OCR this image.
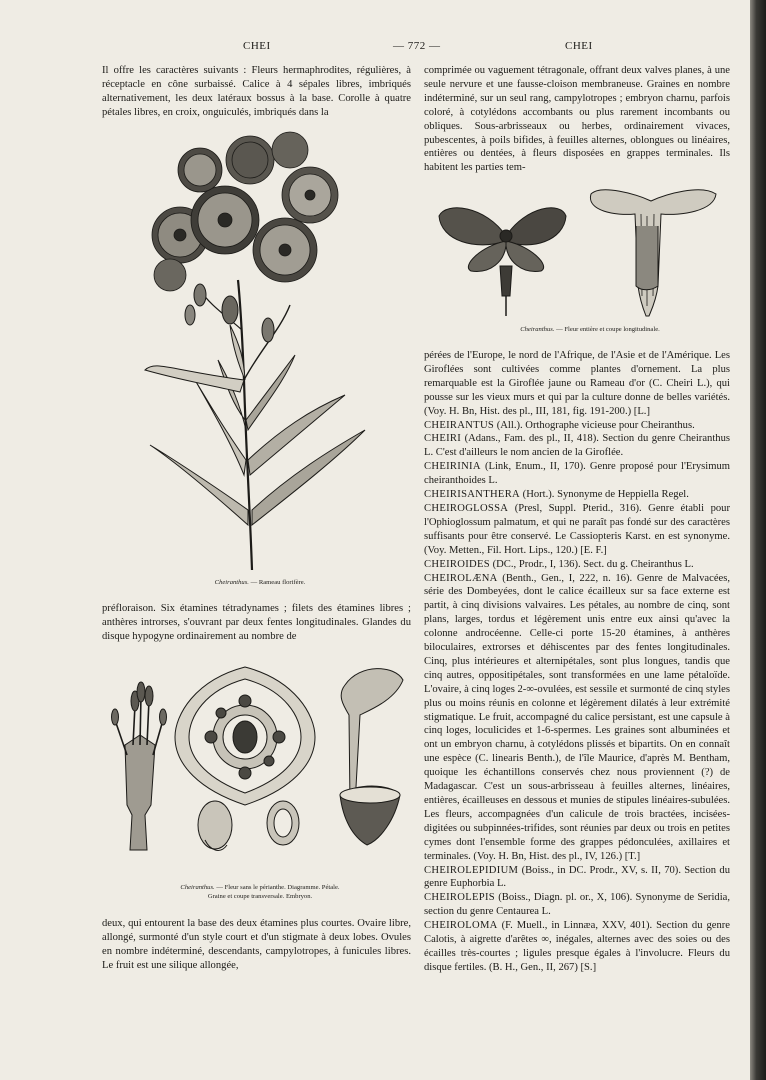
CHEI	— 772 —	CHEI

Il offre les caractères suivants : Fleurs hermaphrodites, régulières, à réceptacle en cône surbaissé. Calice à 4 sépales libres, imbriqués alternativement, les deux latéraux bossus à la base. Corolle à quatre pétales libres, en croix, onguiculés, imbriqués dans la

Cheiranthus. — Rameau florifère.

préfloraison. Six étamines tétradynames ; filets des étamines libres ; anthères introrses, s'ouvrant par deux fentes longitudinales. Glandes du disque hypogyne ordinairement au nombre de

Cheiranthus. — Fleur sans le périanthe. Diagramme. Pétale.
Graine et coupe transversale. Embryon.

deux, qui entourent la base des deux étamines plus courtes. Ovaire libre, allongé, surmonté d'un style court et d'un stigmate à deux lobes. Ovules en nombre indéterminé, descendants, campylotropes, à funicules libres. Le fruit est une silique allongée,

comprimée ou vaguement tétragonale, offrant deux valves planes, à une seule nervure et une fausse-cloison membraneuse. Graines en nombre indéterminé, sur un seul rang, campylotropes ; embryon charnu, parfois coloré, à cotylédons accombants ou plus rarement incombants ou obliques. Sous-arbrisseaux ou herbes, ordinairement vivaces, pubescentes, à poils bifides, à feuilles alternes, oblongues ou linéaires, entières ou dentées, à fleurs disposées en grappes terminales. Ils habitent les parties tem-

Cheiranthus. — Fleur entière et coupe longitudinale.

pérées de l'Europe, le nord de l'Afrique, de l'Asie et de l'Amérique. Les Giroflées sont cultivées comme plantes d'ornement. La plus remarquable est la Giroflée jaune ou Rameau d'or (C. Cheiri L.), qui pousse sur les vieux murs et qui par la culture donne de belles variétés. (Voy. H. Bn, Hist. des pl., III, 181, fig. 191-200.) [L.]

CHEIRANTUS (All.). Orthographe vicieuse pour Cheiranthus.

CHEIRI (Adans., Fam. des pl., II, 418). Section du genre Cheiranthus L. C'est d'ailleurs le nom ancien de la Giroflée.

CHEIRINIA (Link, Enum., II, 170). Genre proposé pour l'Erysimum cheiranthoides L.

CHEIRISANTHERA (Hort.). Synonyme de Heppiella Regel.

CHEIROGLOSSA (Presl, Suppl. Pterid., 316). Genre établi pour l'Ophioglossum palmatum, et qui ne paraît pas fondé sur des caractères suffisants pour être conservé. Le Cassiopteris Karst. en est synonyme. (Voy. Metten., Fil. Hort. Lips., 120.) [E. F.]

CHEIROIDES (DC., Prodr., I, 136). Sect. du g. Cheiranthus L.

CHEIROLÆNA (Benth., Gen., I, 222, n. 16). Genre de Malvacées, série des Dombeyées, dont le calice écailleux sur sa face externe est partit, à cinq divisions valvaires. Les pétales, au nombre de cinq, sont plans, larges, tordus et légèrement unis entre eux ainsi qu'avec la colonne androcéenne. Celle-ci porte 15-20 étamines, à anthères biloculaires, extrorses et déhiscentes par des fentes longitudinales. Cinq, plus intérieures et alternipétales, sont plus longues, tandis que cinq autres, oppositipétales, sont transformées en une lame pétaloïde. L'ovaire, à cinq loges 2-∞-ovulées, est sessile et surmonté de cinq styles plus ou moins réunis en colonne et légèrement dilatés à leur extrémité stigmatique. Le fruit, accompagné du calice persistant, est une capsule à cinq loges, loculicides et 1-6-spermes. Les graines sont albuminées et ont un embryon charnu, à cotylédons plissés et bipartits. On en connaît une espèce (C. linearis Benth.), de l'île Maurice, d'après M. Bentham, quoique les échantillons conservés chez nous proviennent (?) de Madagascar. C'est un sous-arbrisseau à feuilles alternes, linéaires, entières, écailleuses en dessous et munies de stipules linéaires-subulées. Les fleurs, accompagnées d'un calicule de trois bractées, incisées-digitées ou subpinnées-trifides, sont réunies par deux ou trois en petites cymes dont l'ensemble forme des grappes pédonculées, axillaires et terminales. (Voy. H. Bn, Hist. des pl., IV, 126.) [T.]

CHEIROLEPIDIUM (Boiss., in DC. Prodr., XV, s. II, 70). Section du genre Euphorbia L.

CHEIROLEPIS (Boiss., Diagn. pl. or., X, 106). Synonyme de Seridia, section du genre Centaurea L.

CHEIROLOMA (F. Muell., in Linnæa, XXV, 401). Section du genre Calotis, à aigrette d'arêtes ∞, inégales, alternes avec des soies ou des écailles très-courtes ; ligules presque égales à l'involucre. Fleurs du disque fertiles. (B. H., Gen., II, 267) [S.]
